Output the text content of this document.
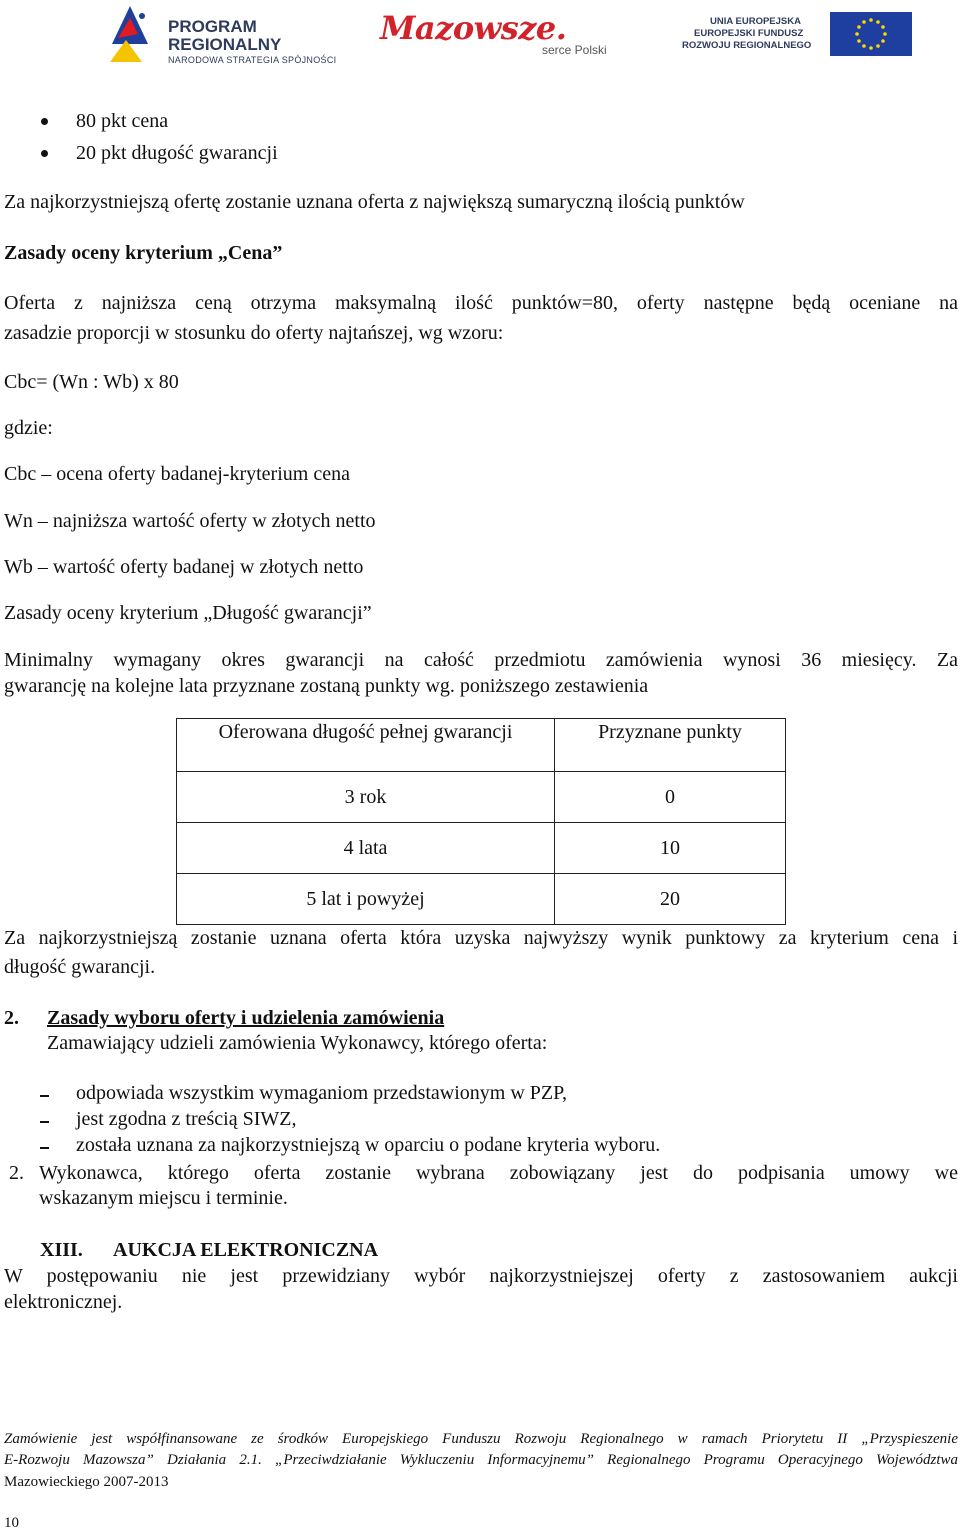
PROGRAM
REGIONALNY
NARODOWA STRATEGIA SPÓJNOŚCI
Mazowsze.
serce Polski
UNIA EUROPEJSKA
EUROPEJSKI FUNDUSZ
ROZWOJU REGIONALNEGO
80 pkt cena
20 pkt długość gwarancji
Za najkorzystniejszą ofertę zostanie uznana oferta z największą sumaryczną ilością punktów
Zasady oceny kryterium „Cena”
Oferta z najniższa ceną otrzyma maksymalną ilość punktów=80, oferty następne będą oceniane na
zasadzie proporcji w stosunku do oferty najtańszej, wg wzoru:
Cbc= (Wn : Wb) x 80
gdzie:
Cbc – ocena oferty badanej-kryterium cena
Wn – najniższa wartość oferty w złotych netto
Wb – wartość oferty badanej w złotych netto
Zasady oceny kryterium „Długość gwarancji”
Minimalny wymagany okres gwarancji na całość przedmiotu zamówienia wynosi 36 miesięcy. Za
gwarancję na kolejne lata przyznane zostaną punkty wg. poniższego zestawienia
Oferowana długość pełnej gwarancji	Przyznane punkty
3 rok	0
4 lata	10
5 lat i powyżej	20
Za najkorzystniejszą zostanie uznana oferta która uzyska najwyższy wynik punktowy za kryterium cena i
długość gwarancji.
2. Zasady wyboru oferty i udzielenia zamówienia
Zamawiający udzieli zamówienia Wykonawcy, którego oferta:
odpowiada wszystkim wymaganiom przedstawionym w PZP,
jest zgodna z treścią SIWZ,
została uznana za najkorzystniejszą w oparciu o podane kryteria wyboru.
2. Wykonawca, którego oferta zostanie wybrana zobowiązany jest do podpisania umowy we
wskazanym miejscu i terminie.
XIII. AUKCJA ELEKTRONICZNA
W postępowaniu nie jest przewidziany wybór najkorzystniejszej oferty z zastosowaniem aukcji
elektronicznej.
Zamówienie jest współfinansowane ze środków Europejskiego Funduszu Rozwoju Regionalnego w ramach Priorytetu II „Przyspieszenie
E-Rozwoju Mazowsza” Działania 2.1. „Przeciwdziałanie Wykluczeniu Informacyjnemu” Regionalnego Programu Operacyjnego Województwa
Mazowieckiego 2007-2013
10
